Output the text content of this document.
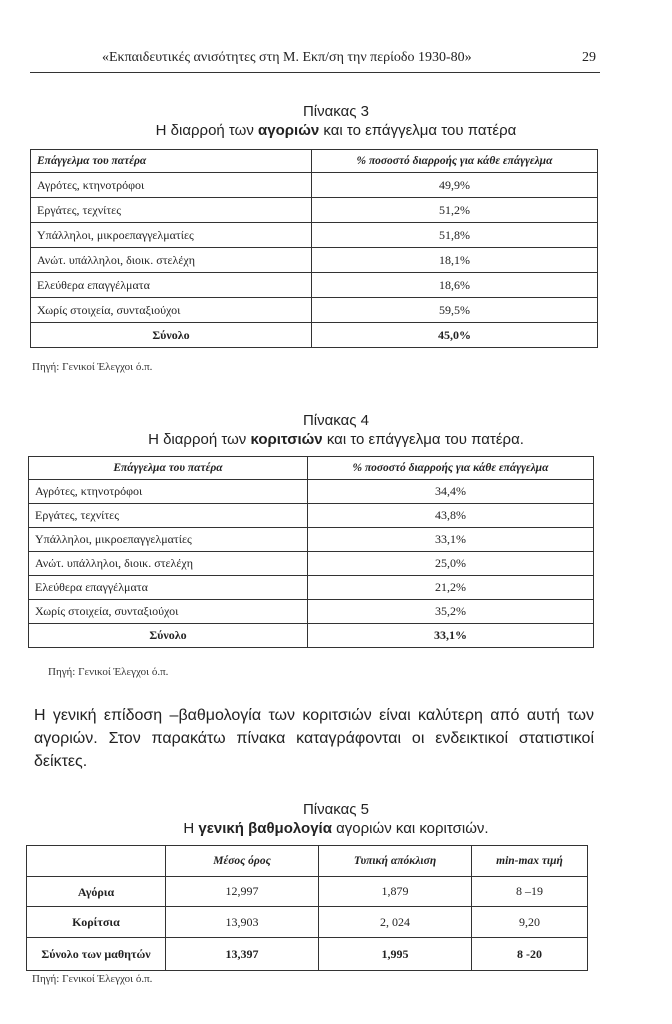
«Εκπαιδευτικές ανισότητες στη Μ. Εκπ/ση την περίοδο 1930-80»	29
Πίνακας 3
Η διαρροή των αγοριών και το επάγγελμα του πατέρα
Επάγγελμα του πατέρα	% ποσοστό διαρροής για κάθε επάγγελμα
Αγρότες, κτηνοτρόφοι	49,9%
Εργάτες, τεχνίτες	51,2%
Υπάλληλοι, μικροεπαγγελματίες	51,8%
Ανώτ. υπάλληλοι, διοικ. στελέχη	18,1%
Ελεύθερα επαγγέλματα	18,6%
Χωρίς στοιχεία, συνταξιούχοι	59,5%
Σύνολο	45,0%
Πηγή: Γενικοί Έλεγχοι ό.π.
Πίνακας 4
Η διαρροή των κοριτσιών και το επάγγελμα του πατέρα.
Επάγγελμα του πατέρα	% ποσοστό διαρροής για κάθε επάγγελμα
Αγρότες, κτηνοτρόφοι	34,4%
Εργάτες, τεχνίτες	43,8%
Υπάλληλοι, μικροεπαγγελματίες	33,1%
Ανώτ. υπάλληλοι, διοικ. στελέχη	25,0%
Ελεύθερα επαγγέλματα	21,2%
Χωρίς στοιχεία, συνταξιούχοι	35,2%
Σύνολο	33,1%
Πηγή: Γενικοί Έλεγχοι ό.π.
Η γενική επίδοση –βαθμολογία των κοριτσιών είναι καλύτερη από αυτή των αγοριών. Στον παρακάτω πίνακα καταγράφονται οι ενδεικτικοί στατιστικοί δείκτες.
Πίνακας 5
Η γενική βαθμολογία αγοριών και κοριτσιών.
	Μέσος όρος	Τυπική απόκλιση	min-max τιμή
Αγόρια	12,997	1,879	8 –19
Κορίτσια	13,903	2, 024	9,20
Σύνολο των μαθητών	13,397	1,995	8 -20
Πηγή: Γενικοί Έλεγχοι ό.π.
